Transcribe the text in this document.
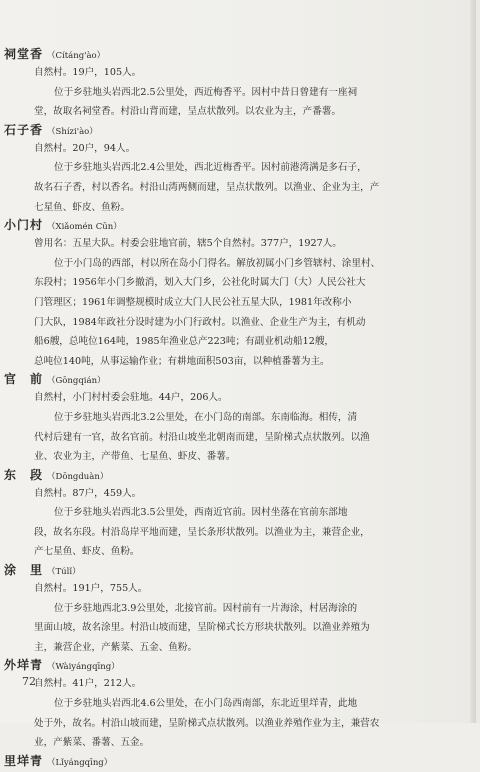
祠堂香 （Cítáng'ào）
自然村。19户，105人。
位于乡驻地头岩西北2.5公里处，西近梅香平。因村中昔日曾建有一座祠
堂，故取名祠堂香。村沿山背而建，呈点状散列。以农业为主，产番薯。
石子香 （Shízi'ào）
自然村。20户，94人。
位于乡驻地头岩西北2.4公里处，西北近梅香平。因村前港湾满是多石子，
故名石子香，村以香名。村沿山湾两侧而建，呈点状散列。以渔业、企业为主，产
七星鱼、虾皮、鱼粉。
小门村 （Xiǎomén Cūn）
曾用名：五星大队。村委会驻地官前，辖5个自然村。377户，1927人。
位于小门岛的西部，村以所在岛小门得名。解放初属小门乡管辖村、涂里村、
东段村；1956年小门乡撤消，划入大门乡，公社化时属大门（大）人民公社大
门管理区；1961年调整规模时成立大门人民公社五星大队，1981年改称小
门大队，1984年政社分设时建为小门行政村。以渔业、企业生产为主，有机动
船6艘，总吨位164吨，1985年渔业总产223吨；有副业机动船12艘，
总吨位140吨，从事运输作业；有耕地面积503亩，以种植番薯为主。
官　前 （Gōngqián）
自然村，小门村村委会驻地。44户，206人。
位于乡驻地头岩西北3.2公里处，在小门岛的南部。东南临海。相传，清
代村后建有一官，故名官前。村沿山坡坐北朝南而建，呈阶梯式点状散列。以渔
业、农业为主，产带鱼、七星鱼、虾皮、番薯。
东　段 （Dōngduàn）
自然村。87户，459人。
位于乡驻地头岩西北3.5公里处，西南近官前。因村坐落在官前东部地
段，故名东段。村沿岛岸平地而建，呈长条形状散列。以渔业为主，兼营企业，
产七星鱼、虾皮、鱼粉。
涂　里 （Túlǐ）
自然村。191户，755人。
位于乡驻地西北3.9公里处，北接官前。因村前有一片海涂，村居海涂的
里面山坡，故名涂里。村沿山坡而建，呈阶梯式长方形块状散列。以渔业养殖为
主，兼营企业，产紫菜、五金、鱼粉。
外垟青 （Wàiyángqīng）
自然村。41户，212人。
位于乡驻地头岩西北4.6公里处，在小门岛西南部，东北近里垟青，此地
处于外，故名。村沿山坡而建，呈阶梯式点状散列。以渔业养殖作业为主，兼营农
业，产紫菜、番薯、五金。
里垟青 （Lǐyángqīng）
72
